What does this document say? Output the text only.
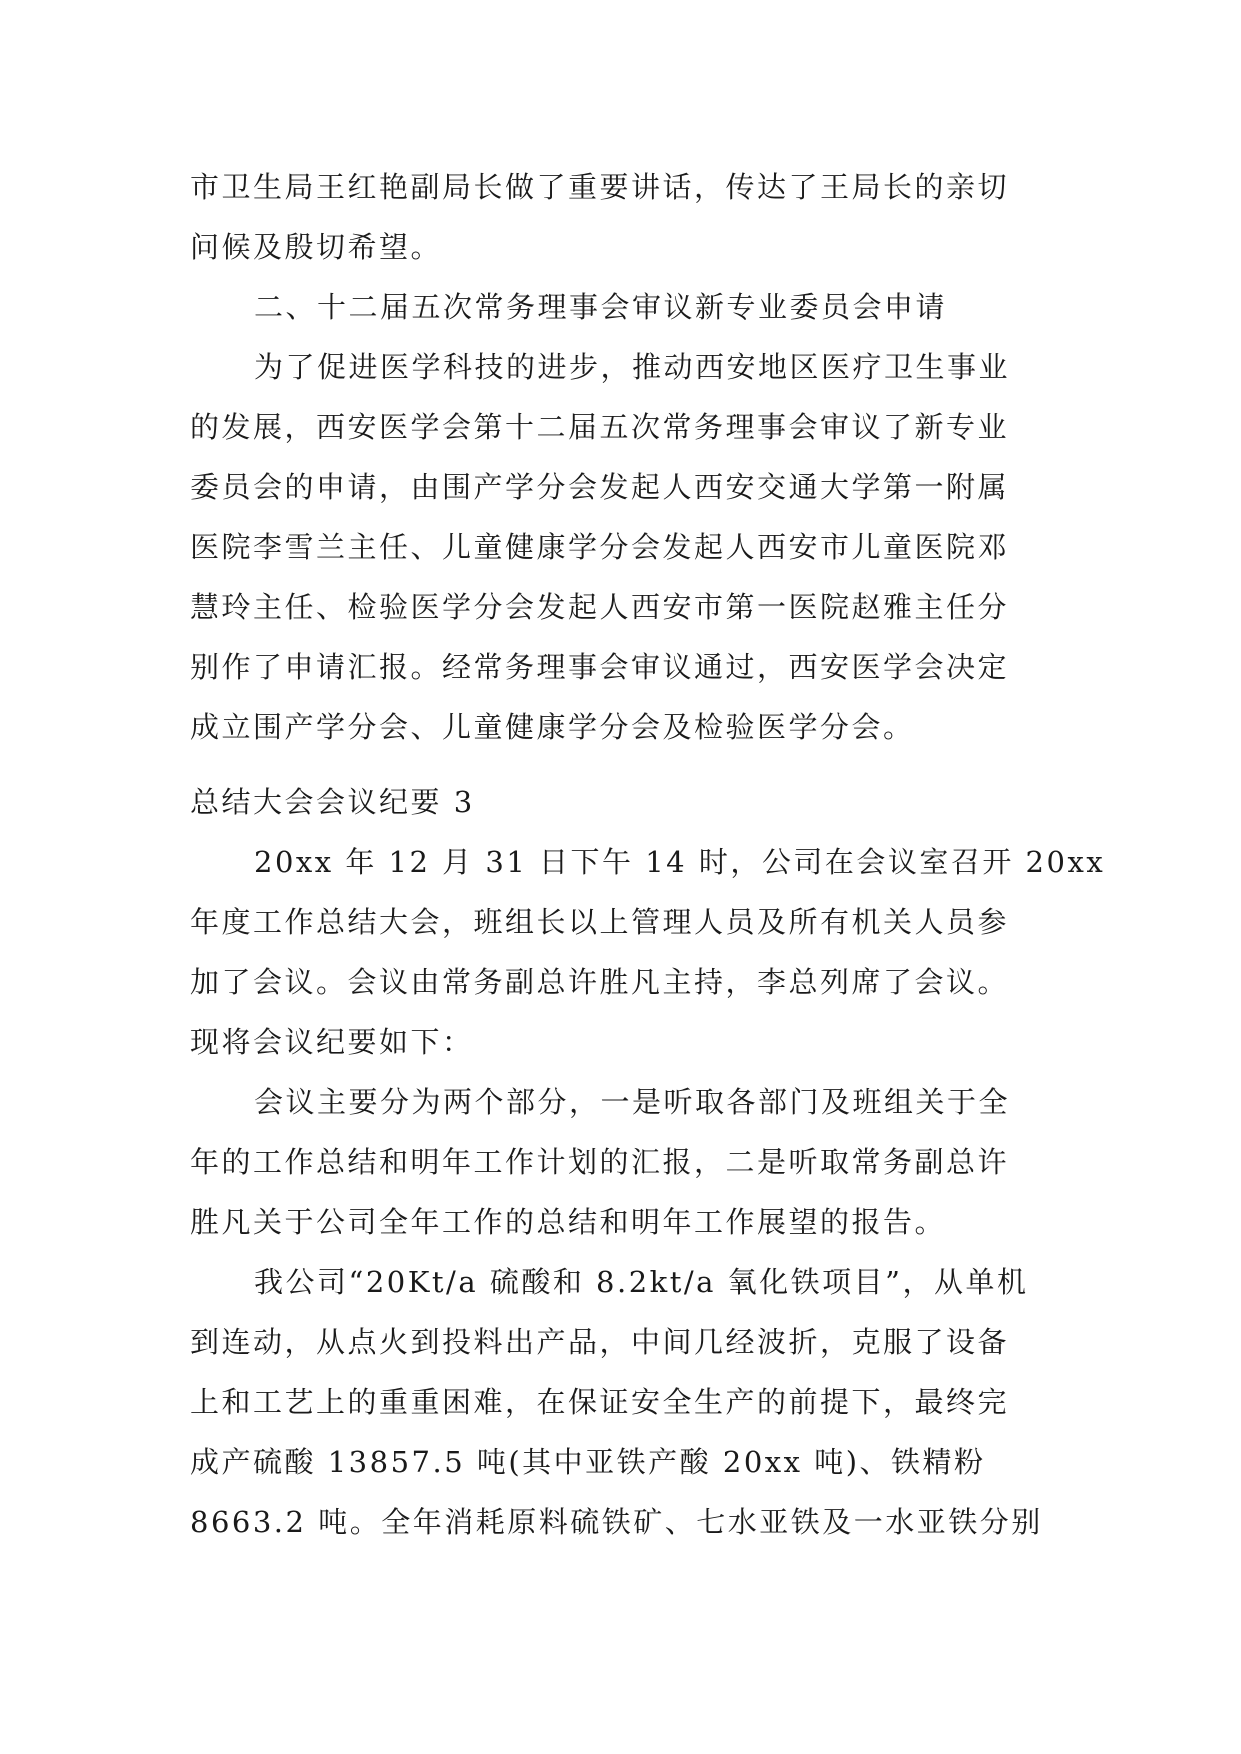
市卫生局王红艳副局长做了重要讲话，传达了王局长的亲切
问候及殷切希望。
二、十二届五次常务理事会审议新专业委员会申请
为了促进医学科技的进步，推动西安地区医疗卫生事业
的发展，西安医学会第十二届五次常务理事会审议了新专业
委员会的申请，由围产学分会发起人西安交通大学第一附属
医院李雪兰主任、儿童健康学分会发起人西安市儿童医院邓
慧玲主任、检验医学分会发起人西安市第一医院赵雅主任分
别作了申请汇报。经常务理事会审议通过，西安医学会决定
成立围产学分会、儿童健康学分会及检验医学分会。
总结大会会议纪要 3
20xx 年 12 月 31 日下午 14 时，公司在会议室召开 20xx
年度工作总结大会，班组长以上管理人员及所有机关人员参
加了会议。会议由常务副总许胜凡主持，李总列席了会议。
现将会议纪要如下：
会议主要分为两个部分，一是听取各部门及班组关于全
年的工作总结和明年工作计划的汇报，二是听取常务副总许
胜凡关于公司全年工作的总结和明年工作展望的报告。
我公司“20Kt/a 硫酸和 8.2kt/a 氧化铁项目”，从单机
到连动，从点火到投料出产品，中间几经波折，克服了设备
上和工艺上的重重困难，在保证安全生产的前提下，最终完
成产硫酸 13857.5 吨(其中亚铁产酸 20xx 吨)、铁精粉
8663.2 吨。全年消耗原料硫铁矿、七水亚铁及一水亚铁分别
